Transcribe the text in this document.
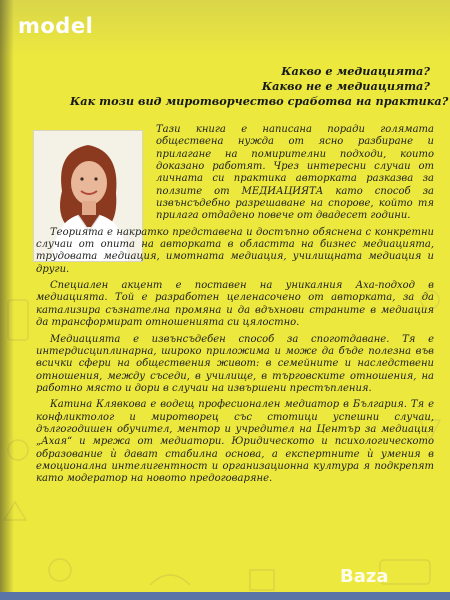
Какво е медиацията?
Какво не е медиацията?
Как този вид миротворчество сработва на практика?

Тази книга е написана поради голямата обществена нужда от ясно разбиране и прилагане на помирителни подходи, които доказано работят. Чрез интересни случаи от личната си практика авторката разказва за ползите от МЕДИАЦИЯТА като способ за извънсъдебно разрешаване на спорове, който тя прилага отдадено повече от двадесет години.

Теорията е накратко представена и достъпно обяснена с конкретни случаи от опита на авторката в областта на бизнес медиацията, трудовата медиация, имотната медиация, училищната медиация и други.

Специален акцент е поставен на уникалния Аха-подход в медиацията. Той е разработен целенасочено от авторката, за да катализира съзнателна промяна и да вдъхнови страните в медиация да трансформират отношенията си цялостно.

Медиацията е извънсъдебен способ за споготдаване. Тя е интердисциплинарна, широко приложима и може да бъде полезна във всички сфери на обществения живот: в семейните и наследствени отношения, между съседи, в училище, в търговските отношения, на работно място и дори в случаи на извършени престъпления.

Катина Клявкова е водещ професионален медиатор в България. Тя е конфликтолог и миротворец със стотици успешни случаи, дългогодишен обучител, ментор и учредител на Център за медиация „Ахая“ и мрежа от медиатори. Юридическото и психологическото образование ѝ дават стабилна основа, а експертните ѝ умения в емоционална интелигентност и организационна култура я подкрепят като модератор на новото предоговаряне.

model
Baza
